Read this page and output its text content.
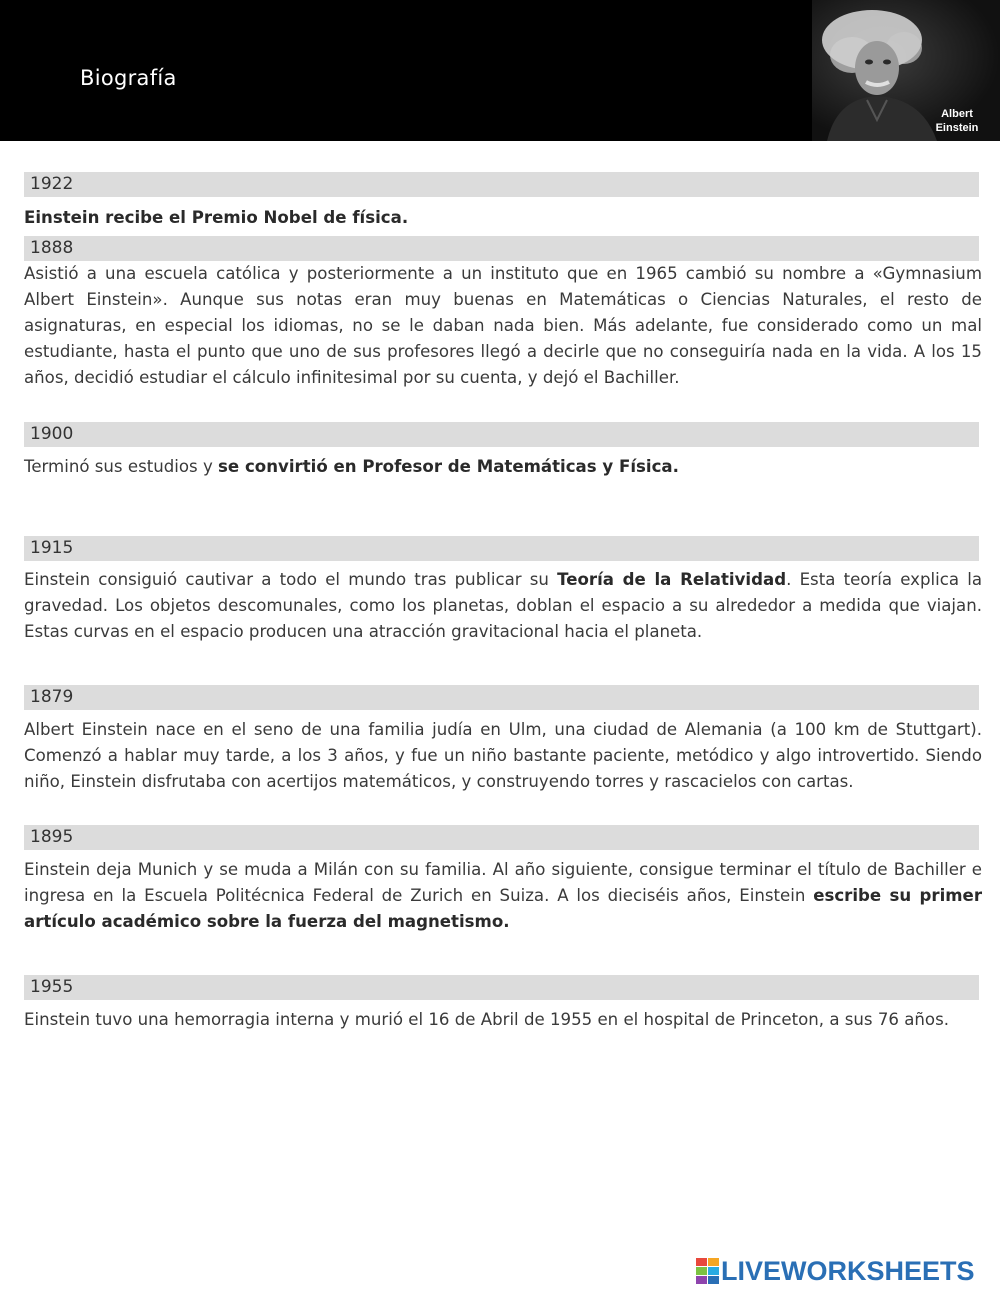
Biografía
Albert
Einstein
1922
Einstein recibe el Premio Nobel de física.
1888
Asistió a una escuela católica y posteriormente a un instituto que en 1965 cambió su nombre a «Gymnasium Albert Einstein». Aunque sus notas eran muy buenas en Matemáticas o Ciencias Naturales, el resto de asignaturas, en especial los idiomas, no se le daban nada bien. Más adelante, fue considerado como un mal estudiante, hasta el punto que uno de sus profesores llegó a decirle que no conseguiría nada en la vida. A los 15 años, decidió estudiar el cálculo infinitesimal por su cuenta, y dejó el Bachiller.
1900
Terminó sus estudios y se convirtió en Profesor de Matemáticas y Física.
1915
Einstein consiguió cautivar a todo el mundo tras publicar su Teoría de la Relatividad. Esta teoría explica la gravedad. Los objetos descomunales, como los planetas, doblan el espacio a su alrededor a medida que viajan. Estas curvas en el espacio producen una atracción gravitacional hacia el planeta.
1879
Albert Einstein nace en el seno de una familia judía en Ulm, una ciudad de Alemania (a 100 km de Stuttgart). Comenzó a hablar muy tarde, a los 3 años, y fue un niño bastante paciente, metódico y algo introvertido. Siendo niño, Einstein disfrutaba con acertijos matemáticos, y construyendo torres y rascacielos con cartas.
1895
Einstein deja Munich y se muda a Milán con su familia. Al año siguiente, consigue terminar el título de Bachiller e ingresa en la Escuela Politécnica Federal de Zurich en Suiza. A los dieciséis años, Einstein escribe su primer artículo académico sobre la fuerza del magnetismo.
1955
Einstein tuvo una hemorragia interna y murió el 16 de Abril de 1955 en el hospital de Princeton, a sus 76 años.
LIVEWORKSHEETS
